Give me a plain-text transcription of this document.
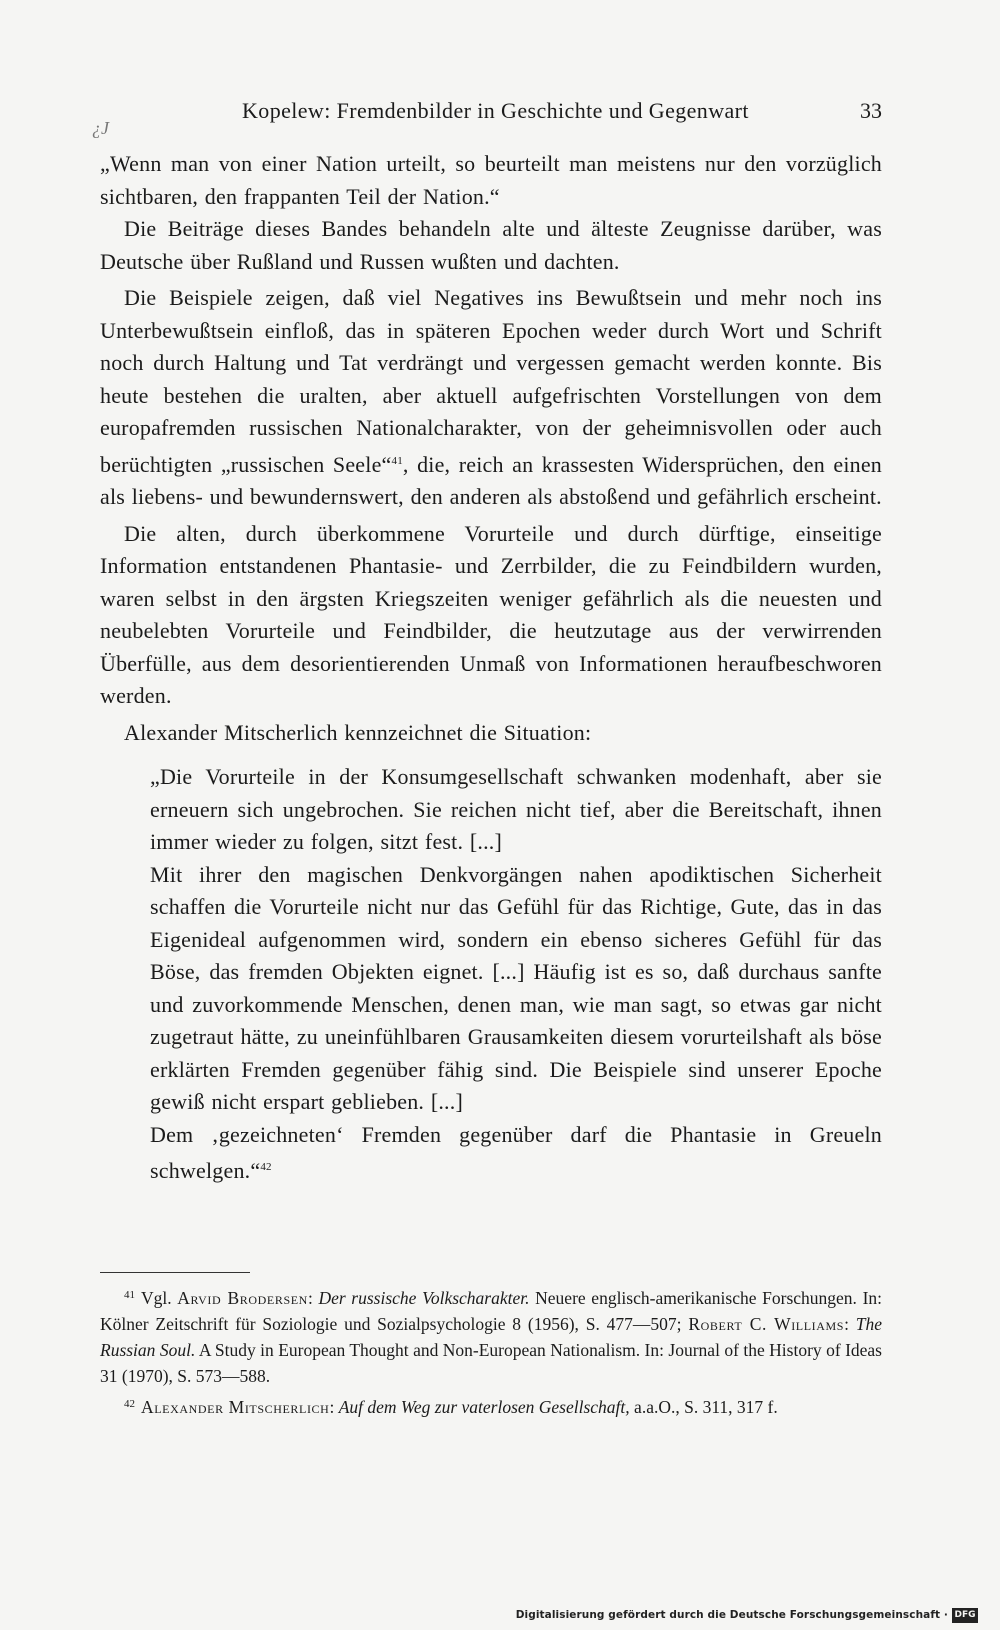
¿J
Kopelew: Fremdenbilder in Geschichte und Gegenwart	33

„Wenn man von einer Nation urteilt, so beurteilt man meistens nur den vorzüglich sichtbaren, den frappanten Teil der Nation.“

Die Beiträge dieses Bandes behandeln alte und älteste Zeugnisse darüber, was Deutsche über Rußland und Russen wußten und dachten.

Die Beispiele zeigen, daß viel Negatives ins Bewußtsein und mehr noch ins Unterbewußtsein einfloß, das in späteren Epochen weder durch Wort und Schrift noch durch Haltung und Tat verdrängt und vergessen gemacht werden konnte. Bis heute bestehen die uralten, aber aktuell aufgefrischten Vorstellungen von dem europafremden russischen Nationalcharakter, von der geheimnisvollen oder auch berüchtigten „russischen Seele“$^{41}$, die, reich an krassesten Widersprüchen, den einen als liebens- und bewundernswert, den anderen als abstoßend und gefährlich erscheint.

Die alten, durch überkommene Vorurteile und durch dürftige, einseitige Information entstandenen Phantasie- und Zerrbilder, die zu Feindbildern wurden, waren selbst in den ärgsten Kriegszeiten weniger gefährlich als die neuesten und neubelebten Vorurteile und Feindbilder, die heutzutage aus der verwirrenden Überfülle, aus dem desorientierenden Unmaß von Informationen heraufbeschworen werden.

Alexander Mitscherlich kennzeichnet die Situation:

„Die Vorurteile in der Konsumgesellschaft schwanken modenhaft, aber sie erneuern sich ungebrochen. Sie reichen nicht tief, aber die Bereitschaft, ihnen immer wieder zu folgen, sitzt fest. [...]

Mit ihrer den magischen Denkvorgängen nahen apodiktischen Sicherheit schaffen die Vorurteile nicht nur das Gefühl für das Richtige, Gute, das in das Eigenideal aufgenommen wird, sondern ein ebenso sicheres Gefühl für das Böse, das fremden Objekten eignet. [...] Häufig ist es so, daß durchaus sanfte und zuvorkommende Menschen, denen man, wie man sagt, so etwas gar nicht zugetraut hätte, zu uneinfühlbaren Grausamkeiten diesem vorurteilshaft als böse erklärten Fremden gegenüber fähig sind. Die Beispiele sind unserer Epoche gewiß nicht erspart geblieben. [...]

Dem ‚gezeichneten‘ Fremden gegenüber darf die Phantasie in Greueln schwelgen.“$^{42}$

$^{41}$ Vgl. Arvid Brodersen: Der russische Volkscharakter. Neuere englisch-amerikanische Forschungen. In: Kölner Zeitschrift für Soziologie und Sozialpsychologie 8 (1956), S. 477—507; Robert C. Williams: The Russian Soul. A Study in European Thought and Non-European Nationalism. In: Journal of the History of Ideas 31 (1970), S. 573—588.

$^{42}$ Alexander Mitscherlich: Auf dem Weg zur vaterlosen Gesellschaft, a.a.O., S. 311, 317 f.

Digitalisierung gefördert durch die Deutsche Forschungsgemeinschaft · DFG
